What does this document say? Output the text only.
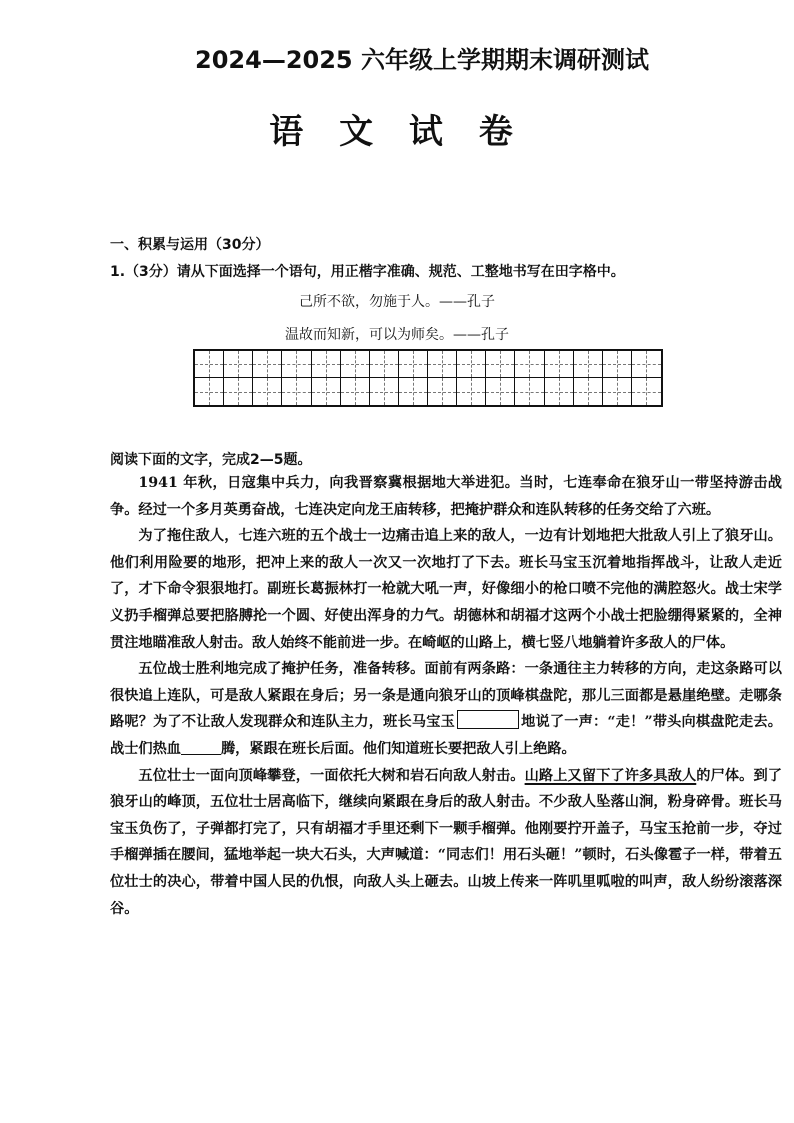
2024—2025 六年级上学期期末调研测试
语 文 试 卷
一、积累与运用（30分）
1.（3分）请从下面选择一个语句，用正楷字准确、规范、工整地书写在田字格中。
己所不欲，勿施于人。——孔子
温故而知新，可以为师矣。——孔子
阅读下面的文字，完成2—5题。

1941 年秋，日寇集中兵力，向我晋察冀根据地大举进犯。当时，七连奉命在狼牙山一带坚持游击战争。经过一个多月英勇奋战，七连决定向龙王庙转移，把掩护群众和连队转移的任务交给了六班。

为了拖住敌人，七连六班的五个战士一边痛击追上来的敌人，一边有计划地把大批敌人引上了狼牙山。他们利用险要的地形，把冲上来的敌人一次又一次地打了下去。班长马宝玉沉着地指挥战斗，让敌人走近了，才下命令狠狠地打。副班长葛振林打一枪就大吼一声，好像细小的枪口喷不完他的满腔怒火。战士宋学义扔手榴弹总要把胳膊抡一个圆、好使出浑身的力气。胡德林和胡福才这两个小战士把脸绷得紧紧的，全神贯注地瞄准敌人射击。敌人始终不能前进一步。在崎岖的山路上，横七竖八地躺着许多敌人的尸体。

五位战士胜利地完成了掩护任务，准备转移。面前有两条路：一条通往主力转移的方向，走这条路可以很快追上连队，可是敌人紧跟在身后；另一条是通向狼牙山的顶峰棋盘陀，那儿三面都是悬崖绝壁。走哪条路呢？为了不让敌人发现群众和连队主力，班长马宝玉	地说了一声：“走！”带头向棋盘陀走去。战士们热血	腾，紧跟在班长后面。他们知道班长要把敌人引上绝路。

五位壮士一面向顶峰攀登，一面依托大树和岩石向敌人射击。山路上又留下了许多具敌人的尸体。到了狼牙山的峰顶，五位壮士居高临下，继续向紧跟在身后的敌人射击。不少敌人坠落山涧，粉身碎骨。班长马宝玉负伤了，子弹都打完了，只有胡福才手里还剩下一颗手榴弹。他刚要拧开盖子，马宝玉抢前一步，夺过手榴弹插在腰间，猛地举起一块大石头，大声喊道：“同志们！用石头砸！”顿时，石头像雹子一样，带着五位壮士的决心，带着中国人民的仇恨，向敌人头上砸去。山坡上传来一阵叽里呱啦的叫声，敌人纷纷滚落深谷。
